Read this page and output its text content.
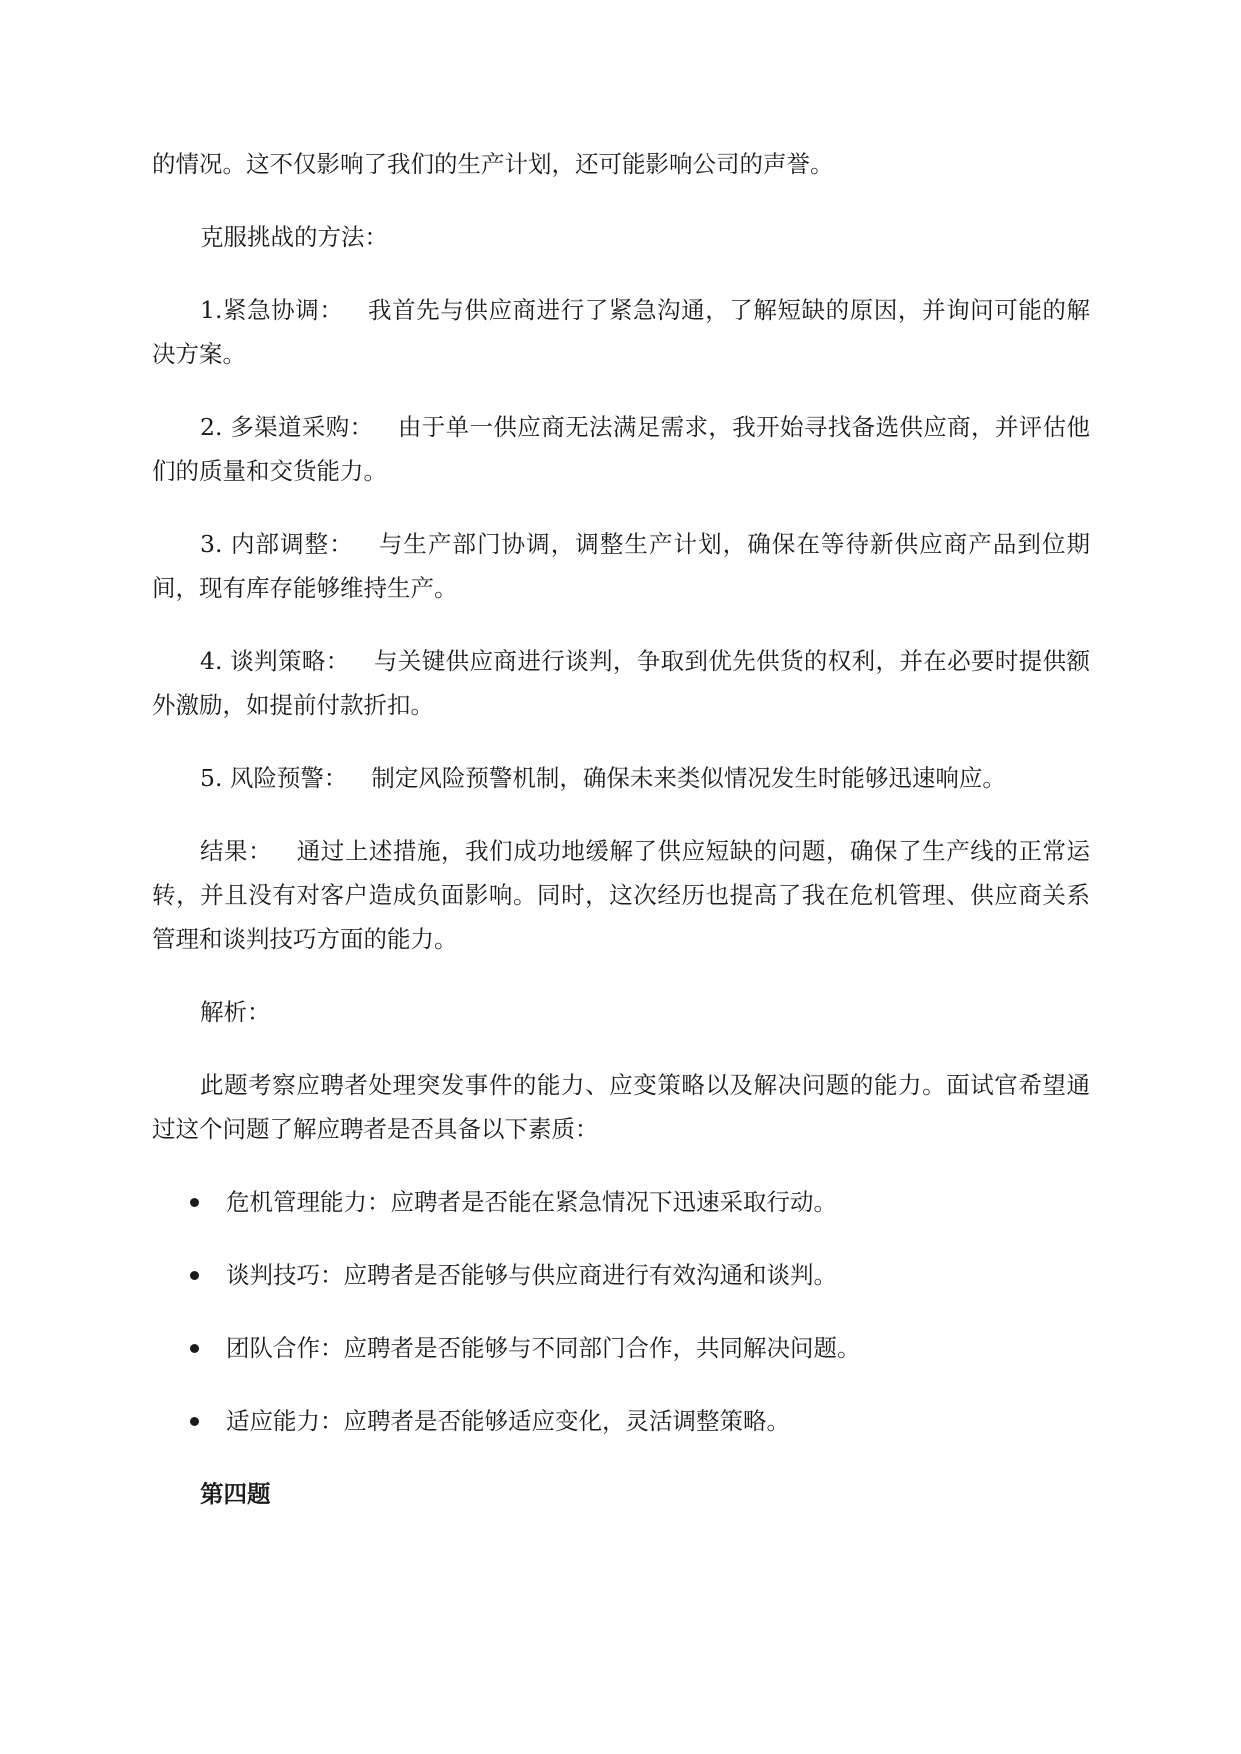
的情况。这不仅影响了我们的生产计划，还可能影响公司的声誉。

克服挑战的方法：

1.紧急协调： 我首先与供应商进行了紧急沟通，了解短缺的原因，并询问可能的解决方案。

2. 多渠道采购： 由于单一供应商无法满足需求，我开始寻找备选供应商，并评估他们的质量和交货能力。

3. 内部调整： 与生产部门协调，调整生产计划，确保在等待新供应商产品到位期间，现有库存能够维持生产。

4. 谈判策略： 与关键供应商进行谈判，争取到优先供货的权利，并在必要时提供额外激励，如提前付款折扣。

5. 风险预警： 制定风险预警机制，确保未来类似情况发生时能够迅速响应。

结果： 通过上述措施，我们成功地缓解了供应短缺的问题，确保了生产线的正常运转，并且没有对客户造成负面影响。同时，这次经历也提高了我在危机管理、供应商关系管理和谈判技巧方面的能力。

解析：

此题考察应聘者处理突发事件的能力、应变策略以及解决问题的能力。面试官希望通过这个问题了解应聘者是否具备以下素质：

危机管理能力：应聘者是否能在紧急情况下迅速采取行动。
谈判技巧：应聘者是否能够与供应商进行有效沟通和谈判。
团队合作：应聘者是否能够与不同部门合作，共同解决问题。
适应能力：应聘者是否能够适应变化，灵活调整策略。

第四题
